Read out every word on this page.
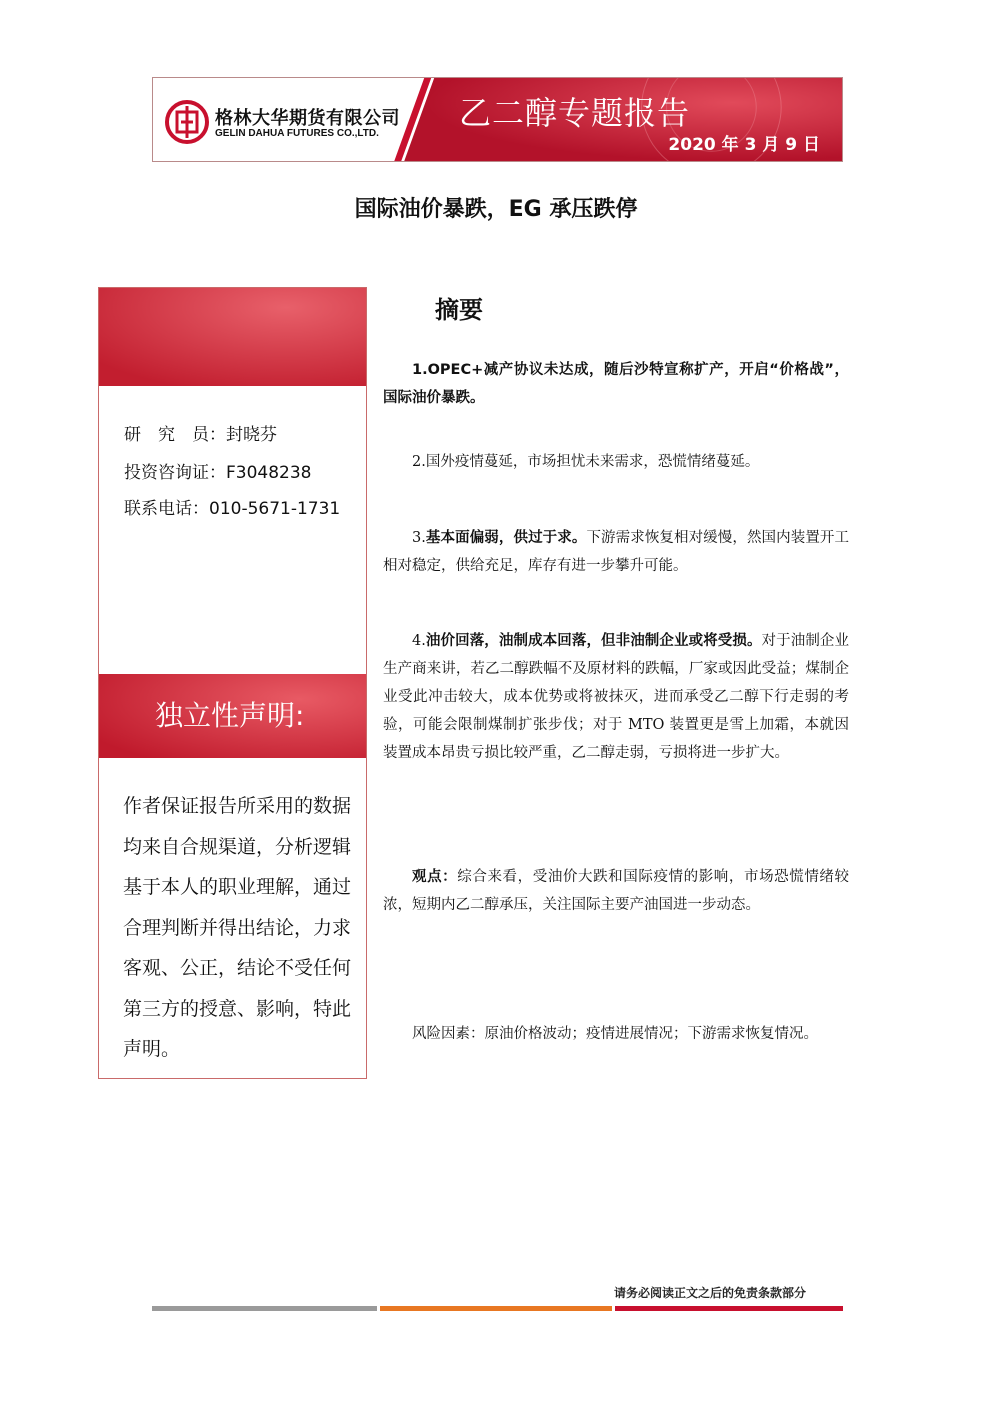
格林大华期货有限公司
GELIN DAHUA FUTURES CO.,LTD.
乙二醇专题报告
2020 年 3 月 9 日
国际油价暴跌，EG 承压跌停
研　究　员：封晓芬
投资咨询证：F3048238
联系电话：010-5671-1731
独立性声明:
作者保证报告所采用的数据均来自合规渠道，分析逻辑基于本人的职业理解，通过合理判断并得出结论，力求客观、公正，结论不受任何第三方的授意、影响，特此声明。
摘要
1.OPEC+减产协议未达成，随后沙特宣称扩产，开启“价格战”，国际油价暴跌。
2.国外疫情蔓延，市场担忧未来需求，恐慌情绪蔓延。
3.基本面偏弱，供过于求。下游需求恢复相对缓慢，然国内装置开工相对稳定，供给充足，库存有进一步攀升可能。
4.油价回落，油制成本回落，但非油制企业或将受损。对于油制企业生产商来讲，若乙二醇跌幅不及原材料的跌幅，厂家或因此受益；煤制企业受此冲击较大，成本优势或将被抹灭，进而承受乙二醇下行走弱的考验，可能会限制煤制扩张步伐；对于 MTO 装置更是雪上加霜，本就因装置成本昂贵亏损比较严重，乙二醇走弱，亏损将进一步扩大。
观点：综合来看，受油价大跌和国际疫情的影响，市场恐慌情绪较浓，短期内乙二醇承压，关注国际主要产油国进一步动态。
风险因素：原油价格波动；疫情进展情况；下游需求恢复情况。
请务必阅读正文之后的免责条款部分
